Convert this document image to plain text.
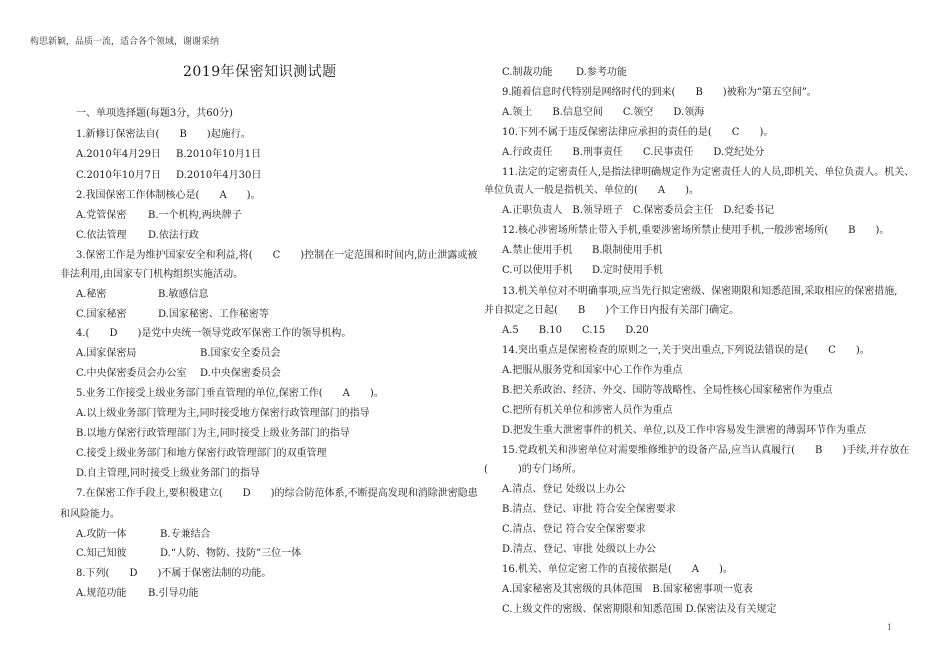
构思新颖，品质一流，适合各个领域，谢谢采纳
2019年保密知识测试题
一、单项选择题(每题3分，共60分)
1.新修订保密法自(　　B　　)起施行。
A.2010年4月29日 B.2010年10月1日
C.2010年10月7日 D.2010年4月30日
2.我国保密工作体制核心是(　　A　　)。
A.党管保密 B.一个机构,两块牌子
C.依法管理 D.依法行政
3.保密工作是为维护国家安全和利益,将(　　C　　)控制在一定范围和时间内,防止泄露或被
非法利用,由国家专门机构组织实施活动。
A.秘密	B.敏感信息
C.国家秘密	D.国家秘密、工作秘密等
4.(　　D　　)是党中央统一领导党政军保密工作的领导机构。
A.国家保密局	B.国家安全委员会
C.中央保密委员会办公室 D.中央保密委员会
5.业务工作接受上级业务部门垂直管理的单位,保密工作(　　A　　)。
A.以上级业务部门管理为主,同时接受地方保密行政管理部门的指导
B.以地方保密行政管理部门为主,同时接受上级业务部门的指导
C.接受上级业务部门和地方保密行政管理部门的双重管理
D.自主管理,同时接受上级业务部门的指导
7.在保密工作手段上,要积极建立(　　D　　)的综合防范体系,不断提高发现和消除泄密隐患
和风险能力。
A.攻防一体	B.专兼结合
C.知己知彼	D.“人防、物防、技防”三位一体
8.下列(　　D　　)不属于保密法制的功能。
A.规范功能 B.引导功能
C.制裁功能 D.参考功能
9.随着信息时代特别是网络时代的到来(　　B　　)被称为“第五空间”。
A.领土　　B.信息空间　　C.领空　　D.领海
10.下列不属于违反保密法律应承担的责任的是(　　C　　)。
A.行政责任　　B.刑事责任　　C.民事责任　　D.党纪处分
11.法定的定密责任人,是指法律明确规定作为定密责任人的人员,即机关、单位负责人。机关、
单位负责人一般是指机关、单位的(　　A　　)。
A.正职负责人　B.领导班子　C.保密委员会主任　D.纪委书记
12.核心涉密场所禁止带入手机,重要涉密场所禁止使用手机,一般涉密场所(　　B　　)。
A.禁止使用手机 B.限制使用手机
C.可以使用手机 D.定时使用手机
13.机关单位对不明确事项,应当先行拟定密级、保密期限和知悉范围,采取相应的保密措施,
并自拟定之日起(　　B　　)个工作日内报有关部门确定。
A.5　　B.10　　C.15　　D.20
14.突出重点是保密检查的原则之一,关于突出重点,下列说法错误的是(　　C　　)。
A.把服从服务党和国家中心工作作为重点
B.把关系政治、经济、外交、国防等战略性、全局性核心国家秘密作为重点
C.把所有机关单位和涉密人员作为重点
D.把发生重大泄密事件的机关、单位,以及工作中容易发生泄密的薄弱环节作为重点
15.党政机关和涉密单位对需要维修维护的设备产品,应当认真履行(　　B　　)手续,并存放在
(　　　)的专门场所。
A.清点、登记 处级以上办公
B.清点、登记、审批 符合安全保密要求
C.清点、登记 符合安全保密要求
D.清点、登记、审批 处级以上办公
16.机关、单位定密工作的直接依据是(　　A　　)。
A.国家秘密及其密级的具体范围　B.国家秘密事项一览表
C.上级文件的密级、保密期限和知悉范围 D.保密法及有关规定
1
